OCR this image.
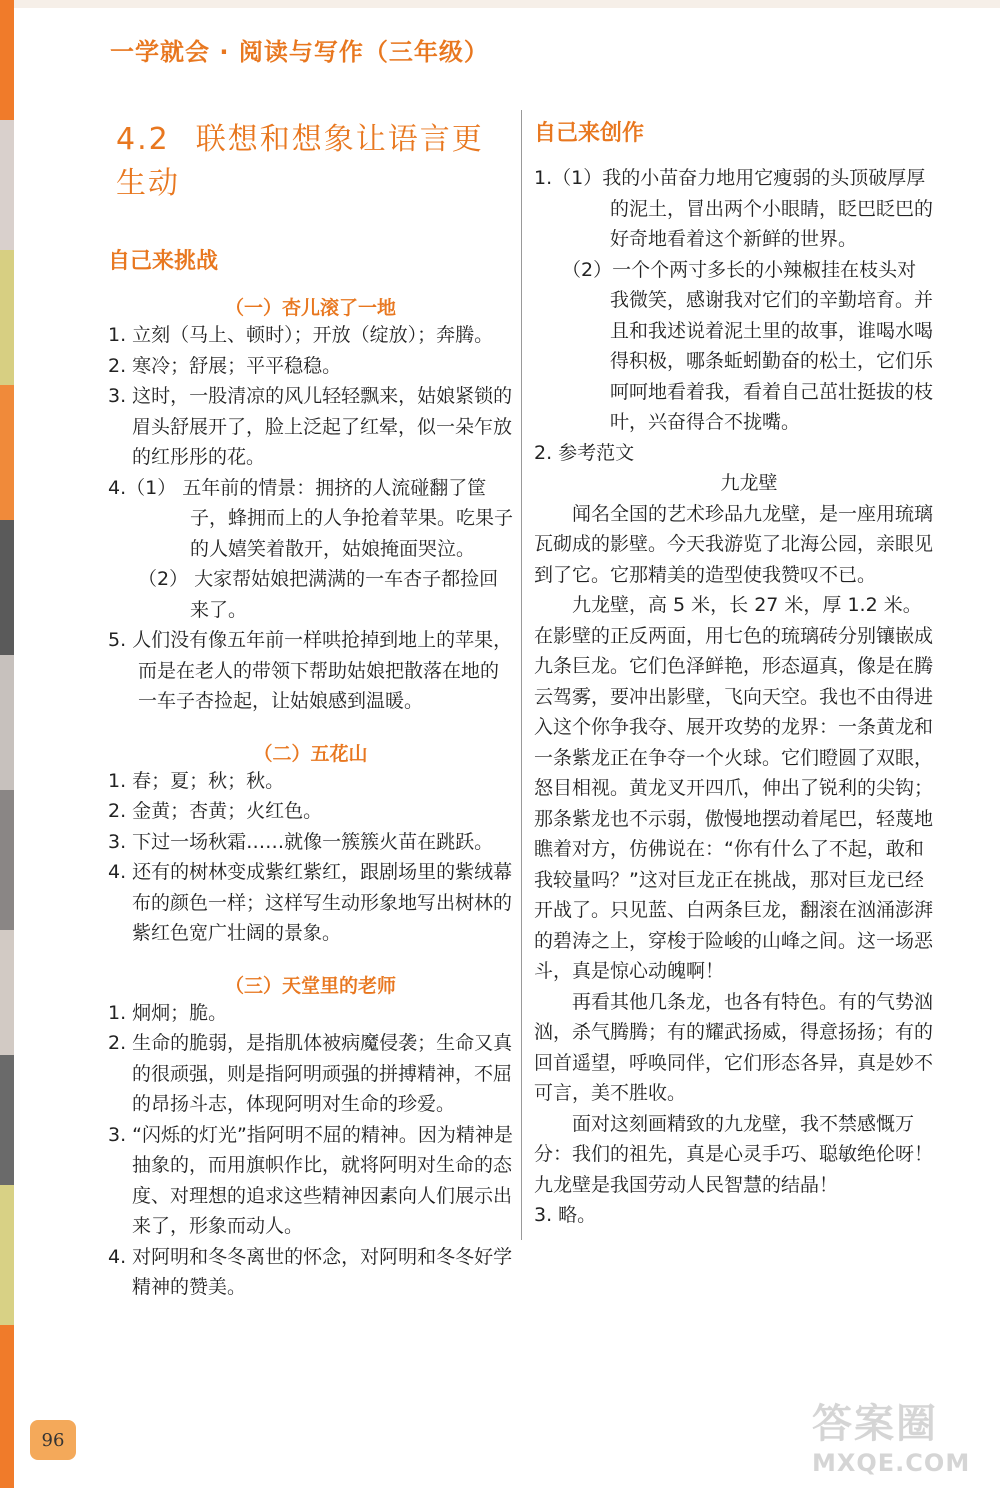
一学就会 · 阅读与写作（三年级）
4.2 联想和想象让语言更生动
自己来挑战
（一）杏儿滚了一地

1. 立刻（马上、顿时）；开放（绽放）；奔腾。

2. 寒冷；舒展；平平稳稳。

3. 这时，一股清凉的风儿轻轻飘来，姑娘紧锁的眉头舒展开了，脸上泛起了红晕，似一朵乍放的红彤彤的花。

4.（1） 五年前的情景：拥挤的人流碰翻了筐子，蜂拥而上的人争抢着苹果。吃果子的人嬉笑着散开，姑娘掩面哭泣。

（2） 大家帮姑娘把满满的一车杏子都捡回来了。

5. 人们没有像五年前一样哄抢掉到地上的苹果，而是在老人的带领下帮助姑娘把散落在地的一车子杏捡起，让姑娘感到温暖。

（二）五花山

1. 春；夏；秋；秋。

2. 金黄；杏黄；火红色。

3. 下过一场秋霜……就像一簇簇火苗在跳跃。

4. 还有的树林变成紫红紫红，跟剧场里的紫绒幕布的颜色一样；这样写生动形象地写出树林的紫红色宽广壮阔的景象。

（三）天堂里的老师

1. 炯炯；脆。

2. 生命的脆弱，是指肌体被病魔侵袭；生命又真的很顽强，则是指阿明顽强的拼搏精神，不屈的昂扬斗志，体现阿明对生命的珍爱。

3. “闪烁的灯光”指阿明不屈的精神。因为精神是抽象的，而用旗帜作比，就将阿明对生命的态度、对理想的追求这些精神因素向人们展示出来了，形象而动人。

4. 对阿明和冬冬离世的怀念，对阿明和冬冬好学精神的赞美。

自己来创作

1.（1）我的小苗奋力地用它瘦弱的头顶破厚厚的泥土，冒出两个小眼睛，眨巴眨巴的好奇地看着这个新鲜的世界。

（2）一个个两寸多长的小辣椒挂在枝头对我微笑，感谢我对它们的辛勤培育。并且和我述说着泥土里的故事，谁喝水喝得积极，哪条蚯蚓勤奋的松土，它们乐呵呵地看着我，看着自己茁壮挺拔的枝叶，兴奋得合不拢嘴。

2. 参考范文

九龙壁

闻名全国的艺术珍品九龙壁，是一座用琉璃瓦砌成的影壁。今天我游览了北海公园，亲眼见到了它。它那精美的造型使我赞叹不已。

九龙壁，高 5 米，长 27 米，厚 1.2 米。在影壁的正反两面，用七色的琉璃砖分别镶嵌成九条巨龙。它们色泽鲜艳，形态逼真，像是在腾云驾雾，要冲出影壁，飞向天空。我也不由得进入这个你争我夺、展开攻势的龙界：一条黄龙和一条紫龙正在争夺一个火球。它们瞪圆了双眼，怒目相视。黄龙叉开四爪，伸出了锐利的尖钩；那条紫龙也不示弱，傲慢地摆动着尾巴，轻蔑地瞧着对方，仿佛说在：“你有什么了不起，敢和我较量吗？”这对巨龙正在挑战，那对巨龙已经开战了。只见蓝、白两条巨龙，翻滚在汹涌澎湃的碧涛之上，穿梭于险峻的山峰之间。这一场恶斗，真是惊心动魄啊！

再看其他几条龙，也各有特色。有的气势汹汹，杀气腾腾；有的耀武扬威，得意扬扬；有的回首遥望，呼唤同伴，它们形态各异，真是妙不可言，美不胜收。

面对这刻画精致的九龙壁，我不禁感慨万分：我们的祖先，真是心灵手巧、聪敏绝伦呀！九龙壁是我国劳动人民智慧的结晶！

3. 略。

96	答案圈
MXQE.COM
